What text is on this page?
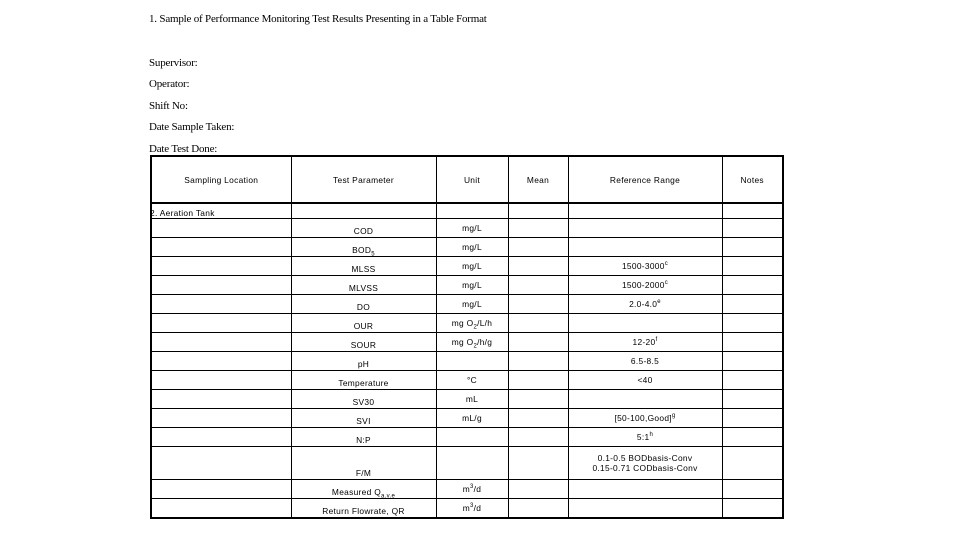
1. Sample of Performance Monitoring Test Results Presenting in a Table Format
Supervisor:
Operator:
Shift No:
Date Sample Taken:
Date Test Done:
Sampling Location	Test Parameter	Unit	Mean	Reference Range	Notes
2. Aeration Tank					
	COD	mg/L			
	$BOD_5$	mg/L			
	MLSS	mg/L		1500-3000$^c$	
	MLVSS	mg/L		1500-2000$^c$	
	DO	mg/L		2.0-4.0e	
	OUR	mg $O_2/L/h$			
	SOUR	mg $O_2/h/g$		12-20$^f$	
	pH			6.5-8.5	
	Temperature	°C		<40	
	SV30	mL			
	SVI	mL/g		[50-100,Good]$^g$	
	N:P			5:1$^h$	
	F/M			0.1-0.5 BODbasis-Conv
0.15-0.71 CODbasis-Conv	

	Measured $Q_{a.v.e}$	$m^3/d$			
	Return Flowrate, QR	$m^3/d$			
